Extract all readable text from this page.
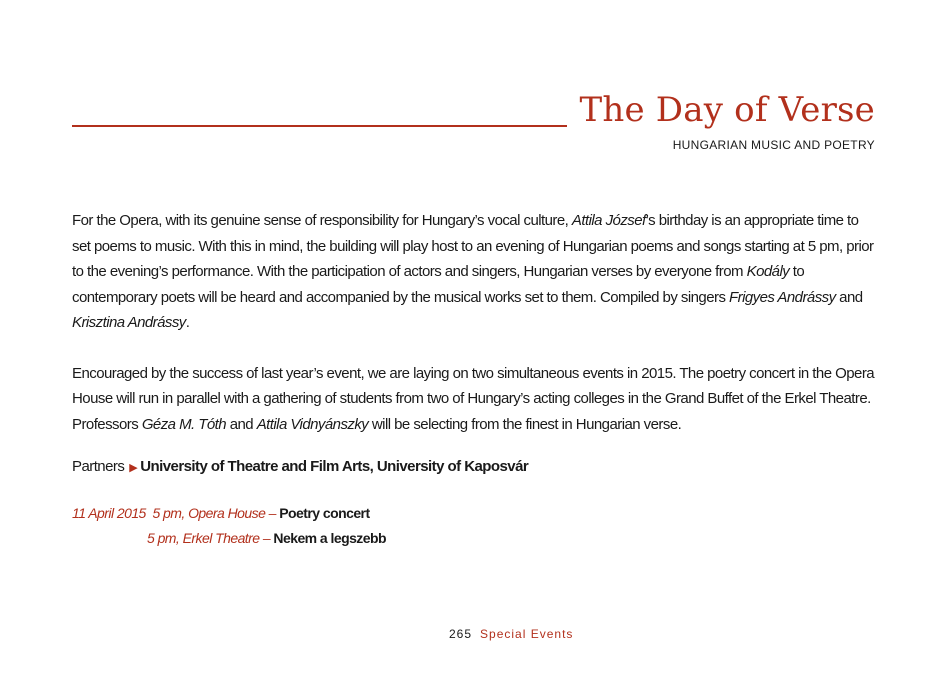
The Day of Verse
HUNGARIAN MUSIC AND POETRY

For the Opera, with its genuine sense of responsibility for Hungary’s vocal culture, Attila József’s birthday is an appropriate time to set poems to music. With this in mind, the building will play host to an evening of Hungarian poems and songs starting at 5 pm, prior to the evening’s performance. With the participation of actors and singers, Hungarian verses by everyone from Kodály to contemporary poets will be heard and accompanied by the musical works set to them. Compiled by singers Frigyes Andrássy and Krisztina Andrássy.

Encouraged by the success of last year’s event, we are laying on two simultaneous events in 2015. The poetry concert in the Opera House will run in parallel with a gathering of students from two of Hungary’s acting colleges in the Grand Buffet of the Erkel Theatre. Professors Géza M. Tóth and Attila Vidnyánszky will be selecting from the finest in Hungarian verse.

Partners ▶ University of Theatre and Film Arts, University of Kaposvár

11 April 2015 5 pm, Opera House – Poetry concert
5 pm, Erkel Theatre – Nekem a legszebb
265 Special Events
